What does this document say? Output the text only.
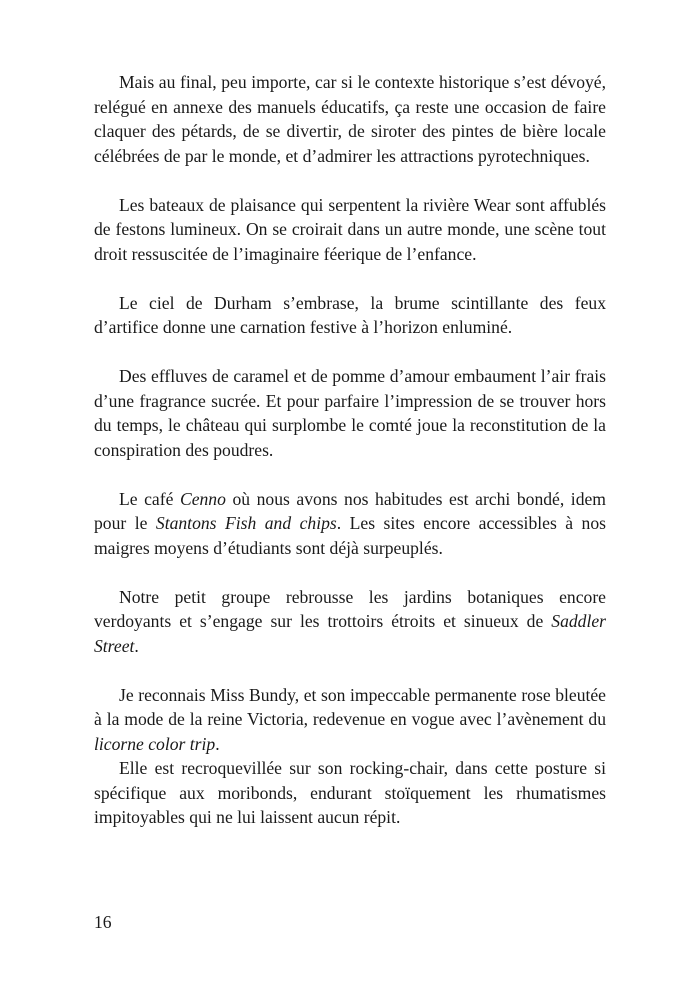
Mais au final, peu importe, car si le contexte historique s’est dévoyé, relégué en annexe des manuels éducatifs, ça reste une occasion de faire claquer des pétards, de se divertir, de siroter des pintes de bière locale célébrées de par le monde, et d’admirer les attractions pyrotechniques.

Les bateaux de plaisance qui serpentent la rivière Wear sont affublés de festons lumineux. On se croirait dans un autre monde, une scène tout droit ressuscitée de l’imaginaire féerique de l’enfance.

Le ciel de Durham s’embrase, la brume scintillante des feux d’artifice donne une carnation festive à l’horizon enluminé.

Des effluves de caramel et de pomme d’amour embaument l’air frais d’une fragrance sucrée. Et pour parfaire l’impression de se trouver hors du temps, le château qui surplombe le comté joue la reconstitution de la conspiration des poudres.

Le café Cenno où nous avons nos habitudes est archi bondé, idem pour le Stantons Fish and chips. Les sites encore accessibles à nos maigres moyens d’étudiants sont déjà surpeuplés.

Notre petit groupe rebrousse les jardins botaniques encore verdoyants et s’engage sur les trottoirs étroits et sinueux de Saddler Street.

Je reconnais Miss Bundy, et son impeccable permanente rose bleutée à la mode de la reine Victoria, redevenue en vogue avec l’avènement du licorne color trip.

Elle est recroquevillée sur son rocking-chair, dans cette posture si spécifique aux moribonds, endurant stoïquement les rhumatismes impitoyables qui ne lui laissent aucun répit.

16
